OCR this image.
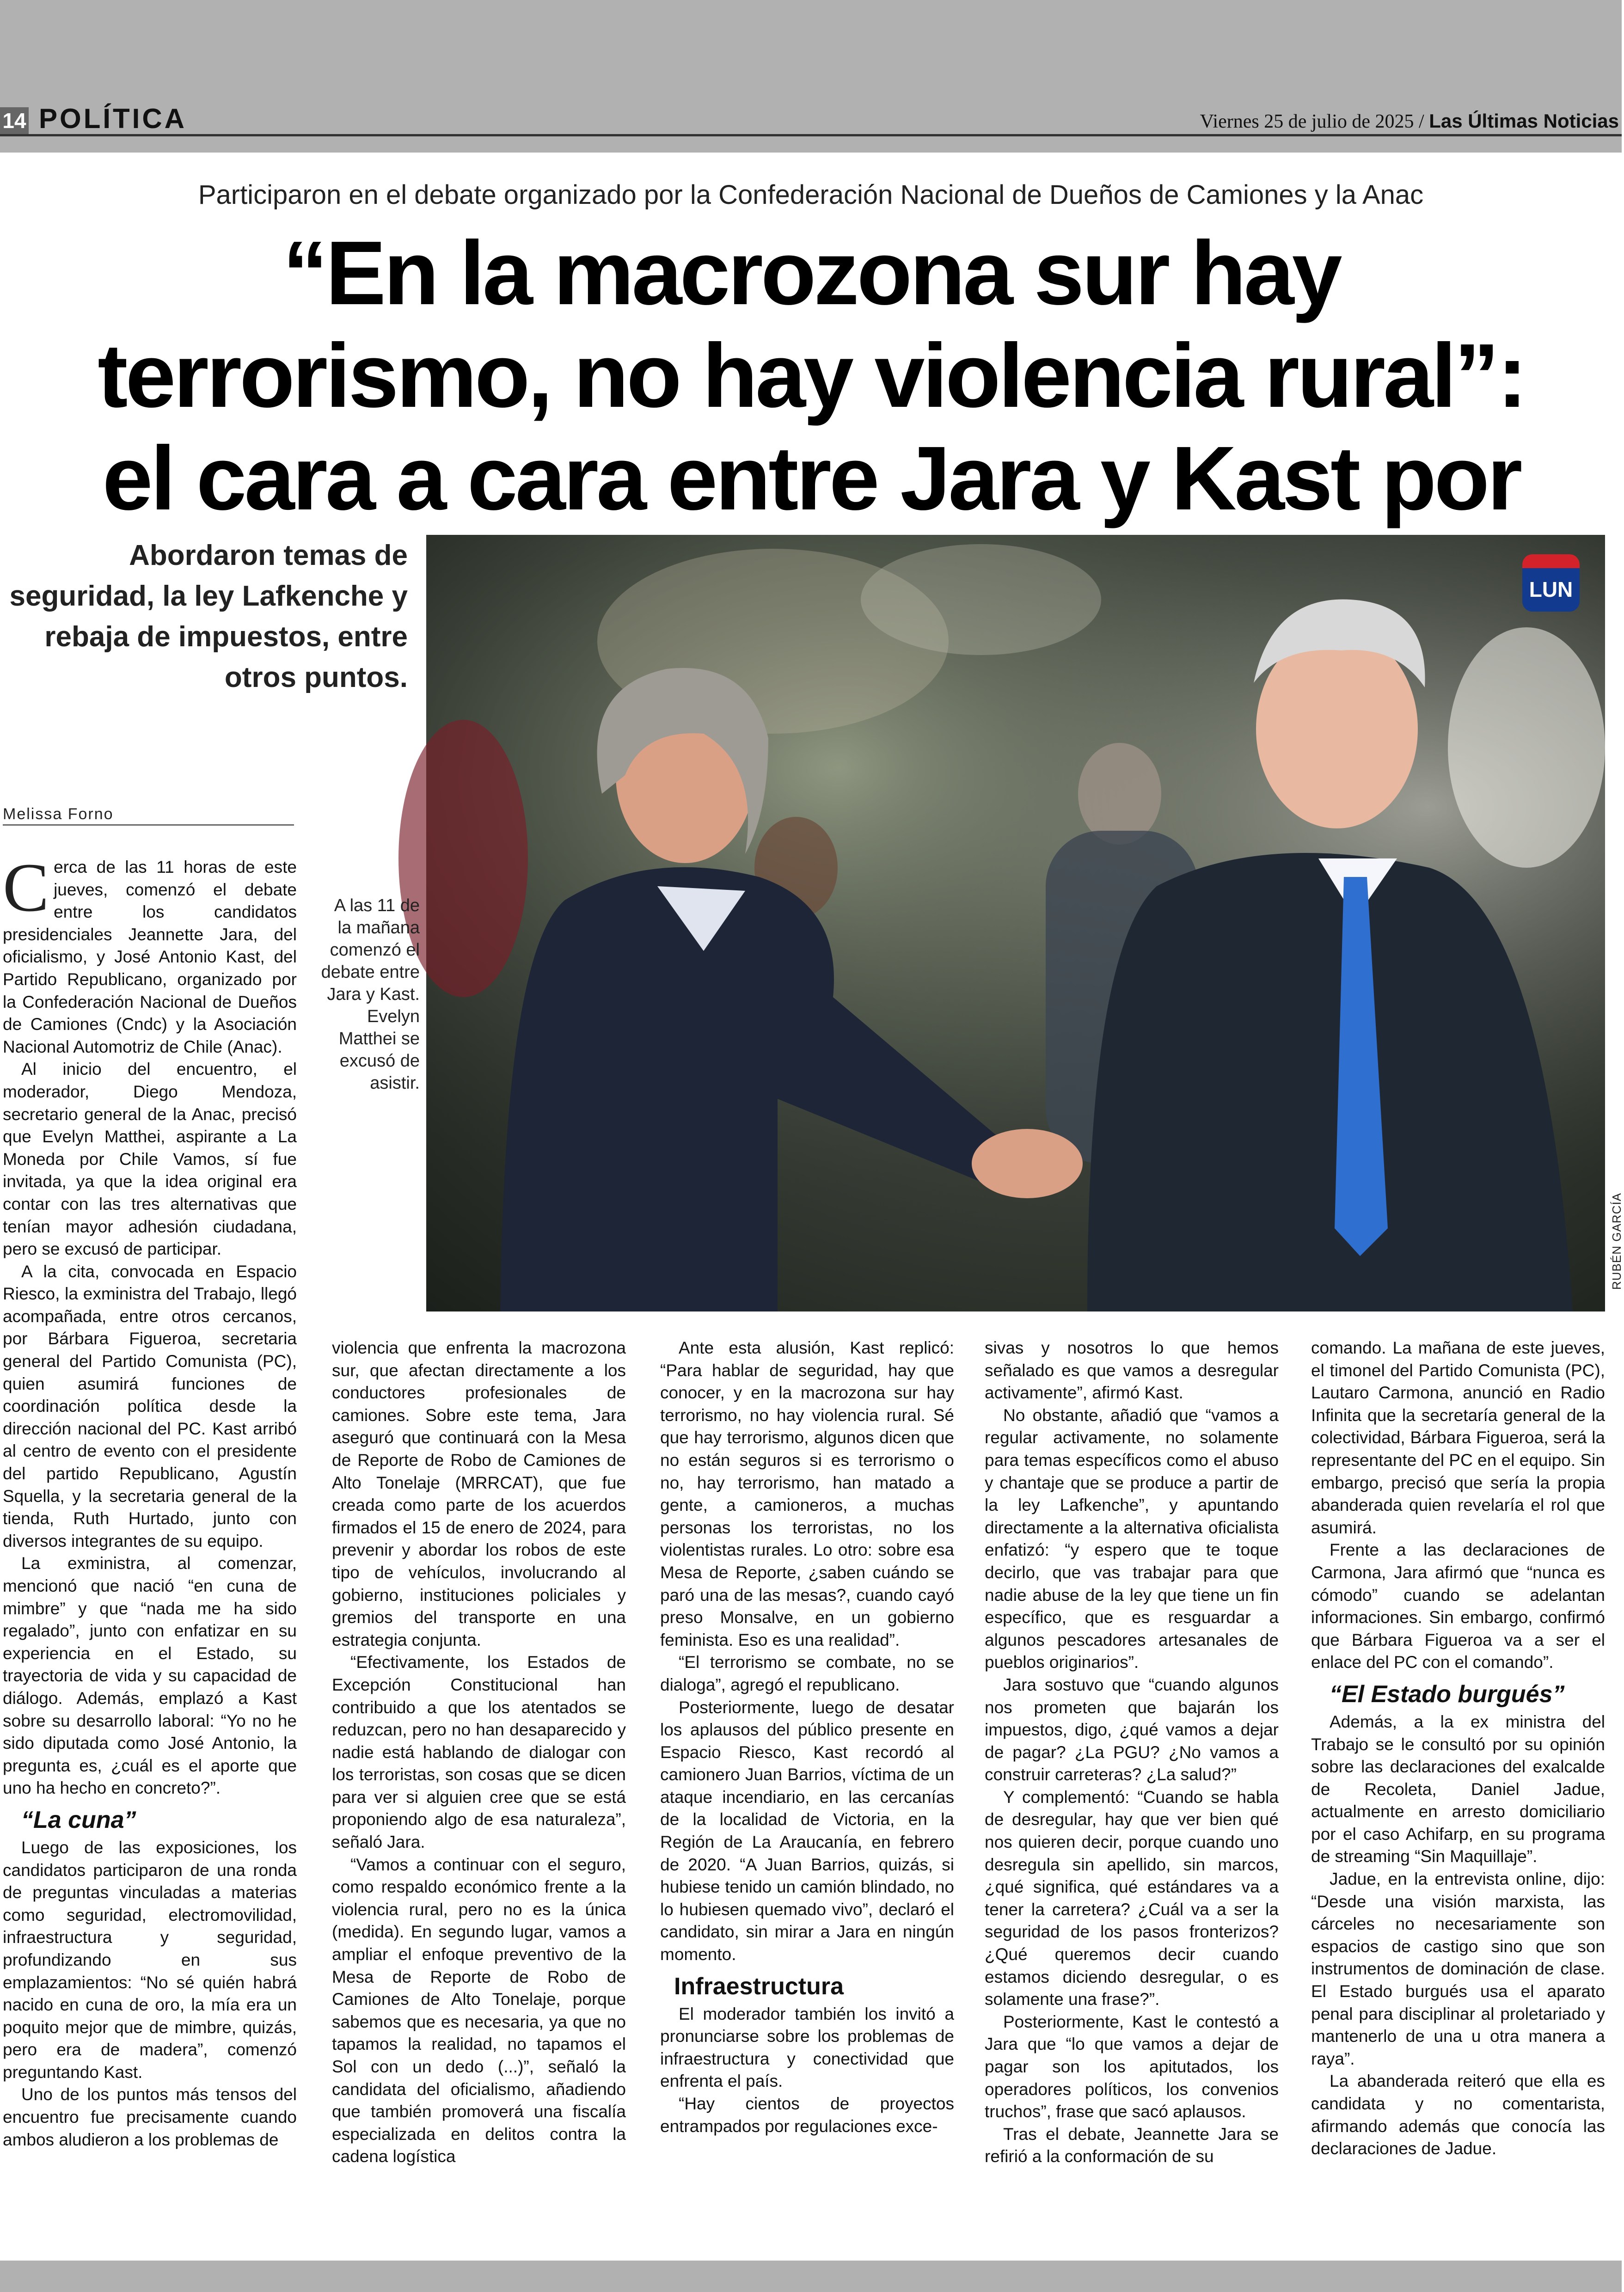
14 POLÍTICA	Viernes 25 de julio de 2025 / Las Últimas Noticias
Participaron en el debate organizado por la Confederación Nacional de Dueños de Camiones y la Anac
“En la macrozona sur hay terrorismo, no hay violencia rural”: el cara a cara entre Jara y Kast por
Abordaron temas de seguridad, la ley Lafkenche y rebaja de impuestos, entre otros puntos.
LUN
RUBÉN GARCÍA
Melissa Forno
A las 11 de la mañana comenzó el debate entre Jara y Kast. Evelyn Matthei se excusó de asistir.
C erca de las 11 horas de este jueves, comenzó el debate entre los candidatos presidenciales Jeannette Jara, del oficialismo, y José Antonio Kast, del Partido Republicano, organizado por la Confederación Nacional de Dueños de Camiones (Cndc) y la Asociación Nacional Automotriz de Chile (Anac).

Al inicio del encuentro, el moderador, Diego Mendoza, secretario general de la Anac, precisó que Evelyn Matthei, aspirante a La Moneda por Chile Vamos, sí fue invitada, ya que la idea original era contar con las tres alternativas que tenían mayor adhesión ciudadana, pero se excusó de participar.

A la cita, convocada en Espacio Riesco, la exministra del Trabajo, llegó acompañada, entre otros cercanos, por Bárbara Figueroa, secretaria general del Partido Comunista (PC), quien asumirá funciones de coordinación política desde la dirección nacional del PC. Kast arribó al centro de evento con el presidente del partido Republicano, Agustín Squella, y la secretaria general de la tienda, Ruth Hurtado, junto con diversos integrantes de su equipo.

La exministra, al comenzar, mencionó que nació “en cuna de mimbre” y que “nada me ha sido regalado”, junto con enfatizar en su experiencia en el Estado, su trayectoria de vida y su capacidad de diálogo. Además, emplazó a Kast sobre su desarrollo laboral: “Yo no he sido diputada como José Antonio, la pregunta es, ¿cuál es el aporte que uno ha hecho en concreto?”.

“La cuna”

Luego de las exposiciones, los candidatos participaron de una ronda de preguntas vinculadas a materias como seguridad, electromovilidad, infraestructura y seguridad, profundizando en sus emplazamientos: “No sé quién habrá nacido en cuna de oro, la mía era un poquito mejor que de mimbre, quizás, pero era de madera”, comenzó preguntando Kast.

Uno de los puntos más tensos del encuentro fue precisamente cuando ambos aludieron a los problemas de

violencia que enfrenta la macrozona sur, que afectan directamente a los conductores profesionales de camiones. Sobre este tema, Jara aseguró que continuará con la Mesa de Reporte de Robo de Camiones de Alto Tonelaje (MRRCAT), que fue creada como parte de los acuerdos firmados el 15 de enero de 2024, para prevenir y abordar los robos de este tipo de vehículos, involucrando al gobierno, instituciones policiales y gremios del transporte en una estrategia conjunta.

“Efectivamente, los Estados de Excepción Constitucional han contribuido a que los atentados se reduzcan, pero no han desaparecido y nadie está hablando de dialogar con los terroristas, son cosas que se dicen para ver si alguien cree que se está proponiendo algo de esa naturaleza”, señaló Jara.

“Vamos a continuar con el seguro, como respaldo económico frente a la violencia rural, pero no es la única (medida). En segundo lugar, vamos a ampliar el enfoque preventivo de la Mesa de Reporte de Robo de Camiones de Alto Tonelaje, porque sabemos que es necesaria, ya que no tapamos la realidad, no tapamos el Sol con un dedo (...)”, señaló la candidata del oficialismo, añadiendo que también promoverá una fiscalía especializada en delitos contra la cadena logística

Ante esta alusión, Kast replicó: “Para hablar de seguridad, hay que conocer, y en la macrozona sur hay terrorismo, no hay violencia rural. Sé que hay terrorismo, algunos dicen que no están seguros si es terrorismo o no, hay terrorismo, han matado a gente, a camioneros, a muchas personas los terroristas, no los violentistas rurales. Lo otro: sobre esa Mesa de Reporte, ¿saben cuándo se paró una de las mesas?, cuando cayó preso Monsalve, en un gobierno feminista. Eso es una realidad”.

“El terrorismo se combate, no se dialoga”, agregó el republicano.

Posteriormente, luego de desatar los aplausos del público presente en Espacio Riesco, Kast recordó al camionero Juan Barrios, víctima de un ataque incendiario, en las cercanías de la localidad de Victoria, en la Región de La Araucanía, en febrero de 2020. “A Juan Barrios, quizás, si hubiese tenido un camión blindado, no lo hubiesen quemado vivo”, declaró el candidato, sin mirar a Jara en ningún momento.

Infraestructura

El moderador también los invitó a pronunciarse sobre los problemas de infraestructura y conectividad que enfrenta el país.

“Hay cientos de proyectos entrampados por regulaciones exce-

sivas y nosotros lo que hemos señalado es que vamos a desregular activamente”, afirmó Kast.

No obstante, añadió que “vamos a regular activamente, no solamente para temas específicos como el abuso y chantaje que se produce a partir de la ley Lafkenche”, y apuntando directamente a la alternativa oficialista enfatizó: “y espero que te toque decirlo, que vas trabajar para que nadie abuse de la ley que tiene un fin específico, que es resguardar a algunos pescadores artesanales de pueblos originarios”.

Jara sostuvo que “cuando algunos nos prometen que bajarán los impuestos, digo, ¿qué vamos a dejar de pagar? ¿La PGU? ¿No vamos a construir carreteras? ¿La salud?”

Y complementó: “Cuando se habla de desregular, hay que ver bien qué nos quieren decir, porque cuando uno desregula sin apellido, sin marcos, ¿qué significa, qué estándares va a tener la carretera? ¿Cuál va a ser la seguridad de los pasos fronterizos? ¿Qué queremos decir cuando estamos diciendo desregular, o es solamente una frase?”.

Posteriormente, Kast le contestó a Jara que “lo que vamos a dejar de pagar son los apitutados, los operadores políticos, los convenios truchos”, frase que sacó aplausos.

Tras el debate, Jeannette Jara se refirió a la conformación de su

comando. La mañana de este jueves, el timonel del Partido Comunista (PC), Lautaro Carmona, anunció en Radio Infinita que la secretaría general de la colectividad, Bárbara Figueroa, será la representante del PC en el equipo. Sin embargo, precisó que sería la propia abanderada quien revelaría el rol que asumirá.

Frente a las declaraciones de Carmona, Jara afirmó que “nunca es cómodo” cuando se adelantan informaciones. Sin embargo, confirmó que Bárbara Figueroa va a ser el enlace del PC con el comando”.

“El Estado burgués”

Además, a la ex ministra del Trabajo se le consultó por su opinión sobre las declaraciones del exalcalde de Recoleta, Daniel Jadue, actualmente en arresto domiciliario por el caso Achifarp, en su programa de streaming “Sin Maquillaje”.

Jadue, en la entrevista online, dijo: “Desde una visión marxista, las cárceles no necesariamente son espacios de castigo sino que son instrumentos de dominación de clase. El Estado burgués usa el aparato penal para disciplinar al proletariado y mantenerlo de una u otra manera a raya”.

La abanderada reiteró que ella es candidata y no comentarista, afirmando además que conocía las declaraciones de Jadue.
